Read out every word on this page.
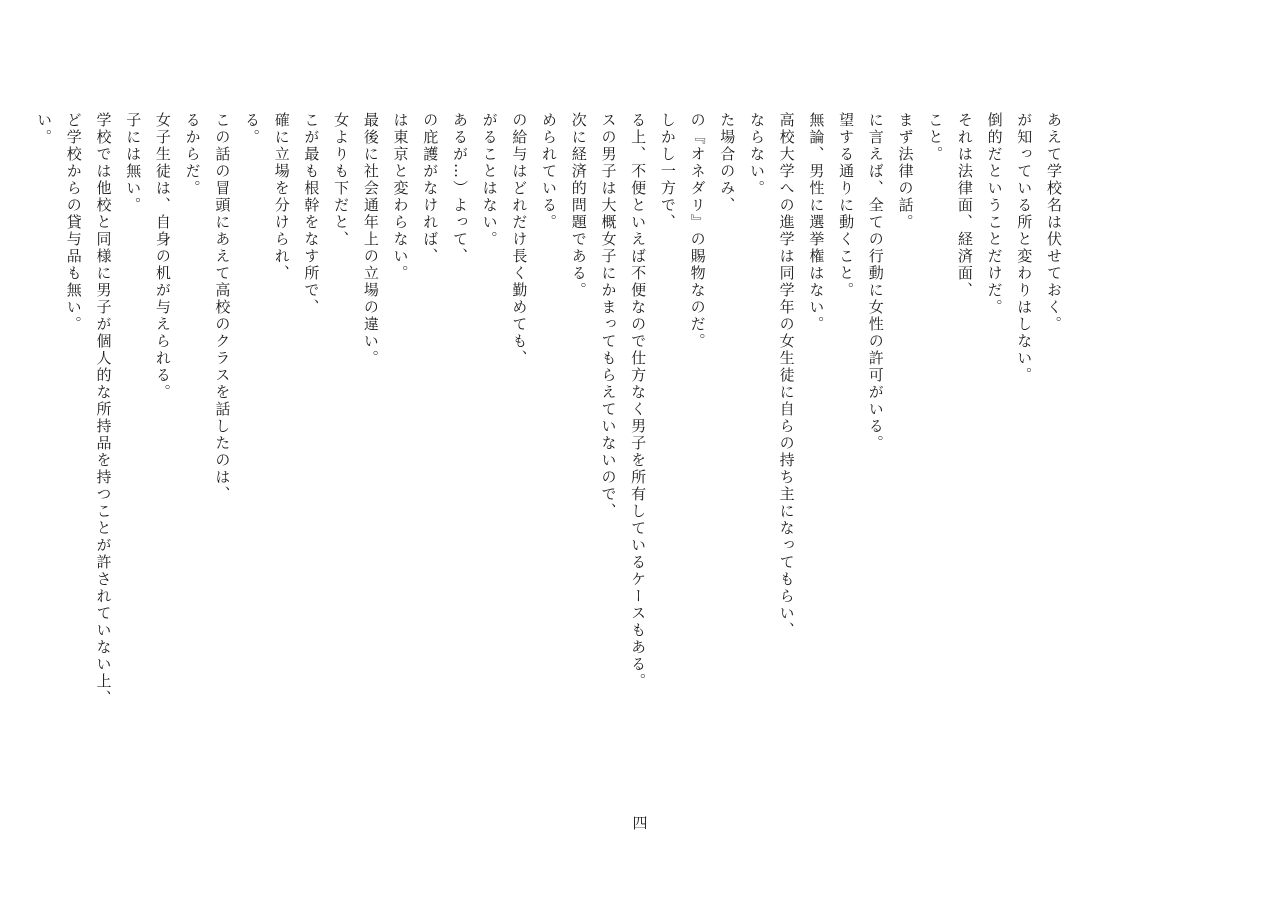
あえて学校名は伏せておく。
が知っている所と変わりはしない。
倒的だということだけだ。
それは法律面、経済面、
こと。
まず法律の話。
に言えば、全ての行動に女性の許可がいる。
望する通りに動くこと。
無論、男性に選挙権はない。
高校大学への進学は同学年の女生徒に自らの持ち主になってもらい、
ならない。
た場合のみ、
の『オネダリ』の賜物なのだ。
しかし一方で、
る上、不便といえば不便なので仕方なく男子を所有しているケースもある。
スの男子は大概女子にかまってもらえていないので、
次に経済的問題である。
められている。
の給与はどれだけ長く勤めても、
がることはない。
あるが…）よって、
の庇護がなければ、
は東京と変わらない。
最後に社会通年上の立場の違い。
女よりも下だと、
こが最も根幹をなす所で、
確に立場を分けられ、
る。
この話の冒頭にあえて高校のクラスを話したのは、
るからだ。
女子生徒は、自身の机が与えられる。
子には無い。
学校では他校と同様に男子が個人的な所持品を持つことが許されていない上、
ど学校からの貸与品も無い。
い。
四
